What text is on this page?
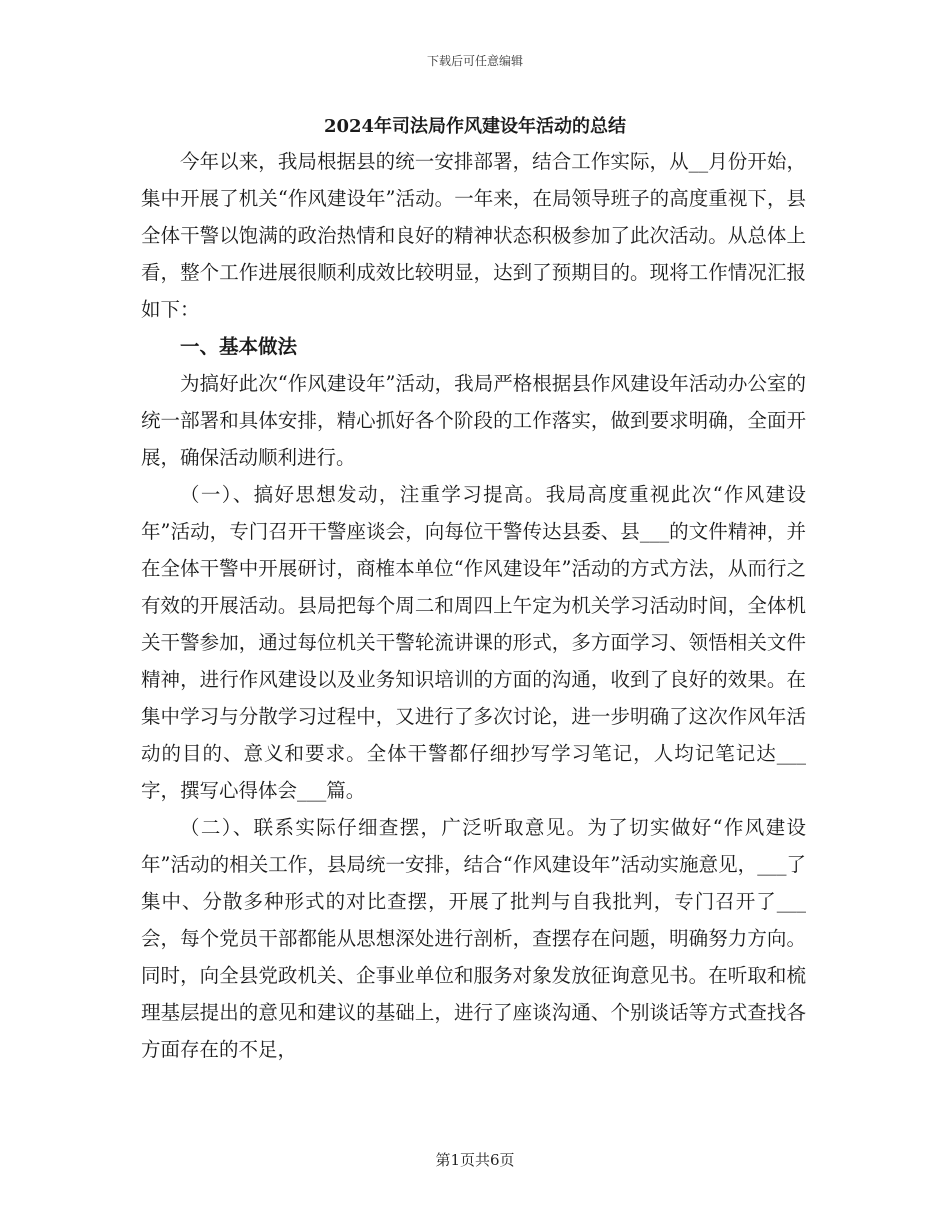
下载后可任意编辑
2024年司法局作风建设年活动的总结

今年以来，我局根据县的统一安排部署，结合工作实际，从__月份开始，集中开展了机关“作风建设年”活动。一年来，在局领导班子的高度重视下，县全体干警以饱满的政治热情和良好的精神状态积极参加了此次活动。从总体上看，整个工作进展很顺利成效比较明显，达到了预期目的。现将工作情况汇报如下：

一、基本做法

为搞好此次“作风建设年”活动，我局严格根据县作风建设年活动办公室的统一部署和具体安排，精心抓好各个阶段的工作落实，做到要求明确，全面开展，确保活动顺利进行。

（一）、搞好思想发动，注重学习提高。我局高度重视此次“作风建设年”活动，专门召开干警座谈会，向每位干警传达县委、县___的文件精神，并在全体干警中开展研讨，商榷本单位“作风建设年”活动的方式方法，从而行之有效的开展活动。县局把每个周二和周四上午定为机关学习活动时间，全体机关干警参加，通过每位机关干警轮流讲课的形式，多方面学习、领悟相关文件精神，进行作风建设以及业务知识培训的方面的沟通，收到了良好的效果。在集中学习与分散学习过程中，又进行了多次讨论，进一步明确了这次作风年活动的目的、意义和要求。全体干警都仔细抄写学习笔记，人均记笔记达___字，撰写心得体会___篇。

（二）、联系实际仔细查摆，广泛听取意见。为了切实做好“作风建设年”活动的相关工作，县局统一安排，结合“作风建设年”活动实施意见，___了集中、分散多种形式的对比查摆，开展了批判与自我批判，专门召开了___会，每个党员干部都能从思想深处进行剖析，查摆存在问题，明确努力方向。同时，向全县党政机关、企事业单位和服务对象发放征询意见书。在听取和梳理基层提出的意见和建议的基础上，进行了座谈沟通、个别谈话等方式查找各方面存在的不足，

第1页共6页
